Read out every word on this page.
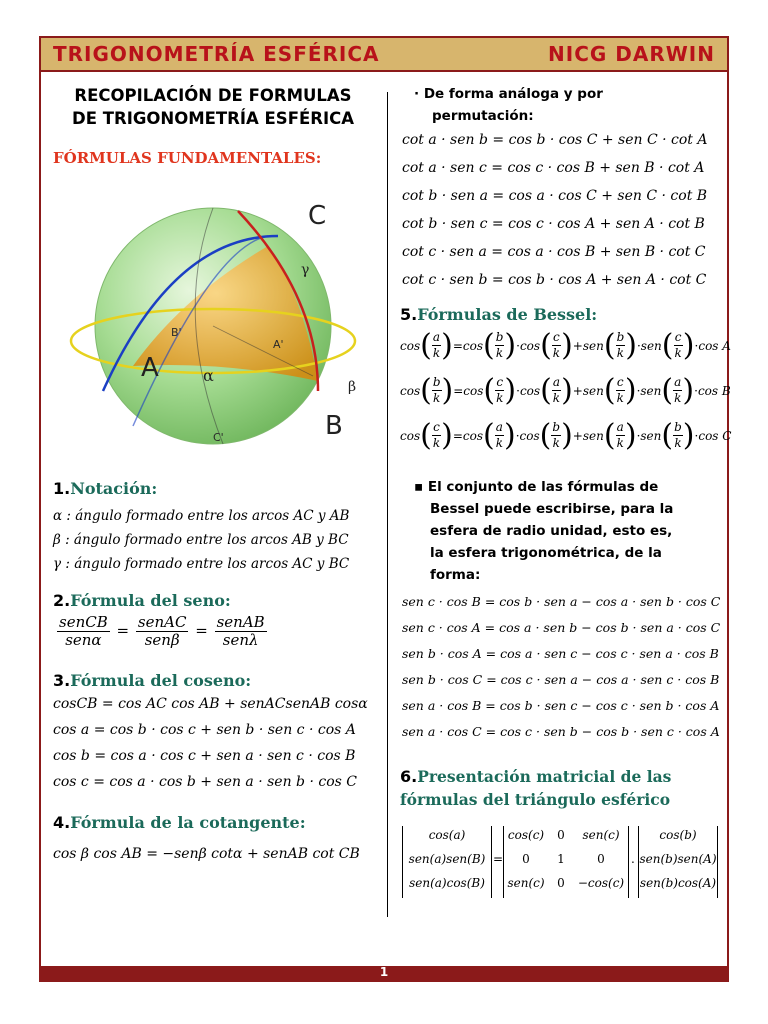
TRIGONOMETRÍA ESFÉRICA	NICG DARWIN
RECOPILACIÓN DE FORMULAS
DE TRIGONOMETRÍA ESFÉRICA
FÓRMULAS FUNDAMENTALES:
A
C
B
B'
A'
C'
α
β
γ
1.Notación:
α : ángulo formado entre los arcos AC y AB
β : ángulo formado entre los arcos AB y BC
γ : ángulo formado entre los arcos AC y BC
2.Fórmula del seno:
$\frac{\text{senCB}}{\text{senα}} = \frac{\text{senAC}}{\text{senβ}} = \frac{\text{senAB}}{\text{senλ}}$
3.Fórmula del coseno:
cosCB = cos AC cos AB + senACsenAB cosα
cos a = cos b · cos c + sen b · sen c · cos A
cos b = cos a · cos c + sen a · sen c · cos B
cos c = cos a · cos b + sen a · sen b · cos C
4.Fórmula de la cotangente:
cos β cos AB = −senβ cotα + senAB cot CB
· De forma análoga y por
permutación:
cot a · sen b = cos b · cos C + sen C · cot A
cot a · sen c = cos c · cos B + sen B · cot A
cot b · sen a = cos a · cos C + sen C · cot B
cot b · sen c = cos c · cos A + sen A · cot B
cot c · sen a = cos a · cos B + sen B · cot C
cot c · sen b = cos b · cos A + sen A · cot C
5.Fórmulas de Bessel:
cos ( $\frac{a}{k}$ ) = cos ( $\frac{b}{k}$ ) · cos ( $\frac{c}{k}$ ) + sen ( $\frac{b}{k}$ ) · sen ( $\frac{c}{k}$ ) · cos A
cos ( $\frac{b}{k}$ ) = cos ( $\frac{c}{k}$ ) · cos ( $\frac{a}{k}$ ) + sen ( $\frac{c}{k}$ ) · sen ( $\frac{a}{k}$ ) · cos B
cos ( $\frac{c}{k}$ ) = cos ( $\frac{a}{k}$ ) · cos ( $\frac{b}{k}$ ) + sen ( $\frac{a}{k}$ ) · sen ( $\frac{b}{k}$ ) · cos C
▪ El conjunto de las fórmulas de
Bessel puede escribirse, para la
esfera de radio unidad, esto es,
la esfera trigonométrica, de la
forma:
sen c · cos B = cos b · sen a − cos a · sen b · cos C
sen c · cos A = cos a · sen b − cos b · sen a · cos C
sen b · cos A = cos a · sen c − cos c · sen a · cos B
sen b · cos C = cos c · sen a − cos a · sen c · cos B
sen a · cos B = cos b · sen c − cos c · sen b · cos A
sen a · cos C = cos c · sen b − cos b · sen c · cos A
6.Presentación matricial de las
fórmulas del triángulo esférico
cos(a)
sen(a)sen(B)
sen(a)cos(B)
=
cos(c)	0	sen(c)
0	1	0
sen(c)	0	−cos(c)
.
cos(b)
sen(b)sen(A)
sen(b)cos(A)
1
